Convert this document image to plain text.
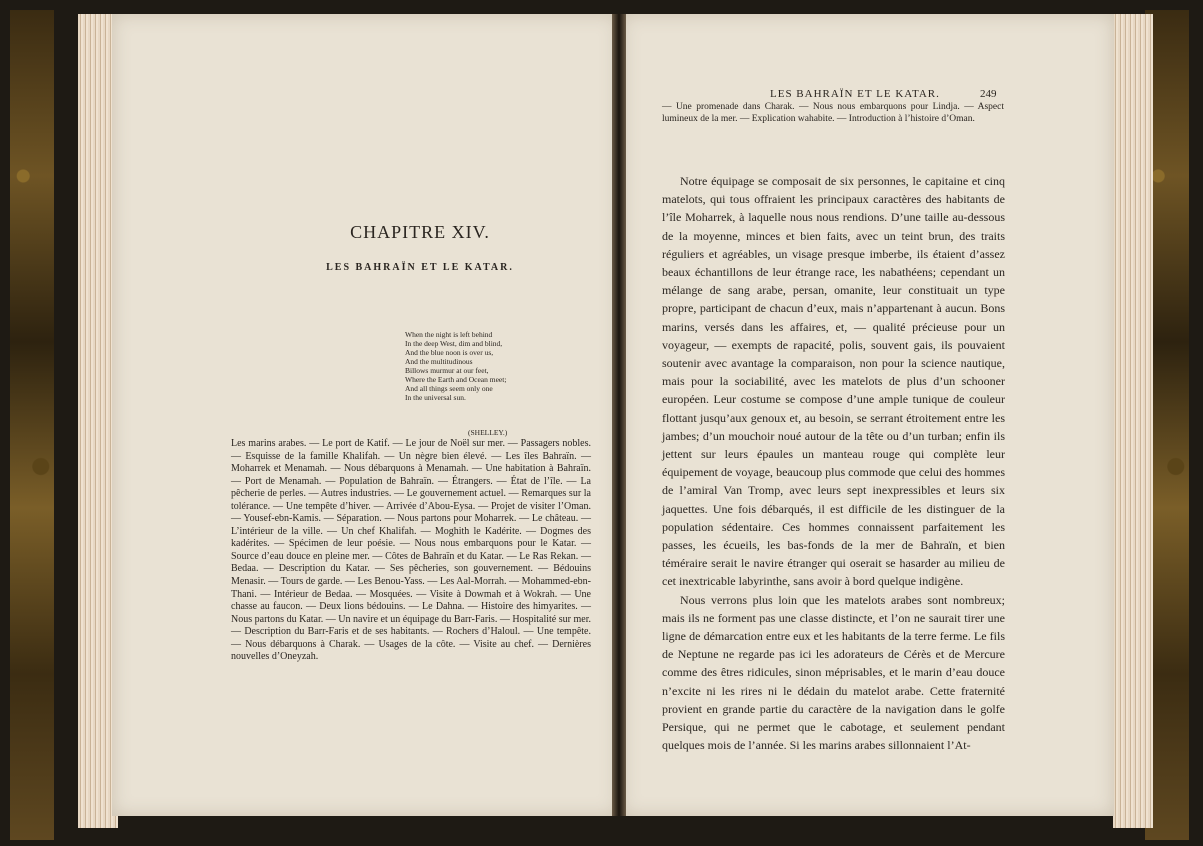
CHAPITRE XIV.
LES BAHRAÏN ET LE KATAR.
When the night is left behind
In the deep West, dim and blind,
And the blue noon is over us,
And the multitudinous
Billows murmur at our feet,
Where the Earth and Ocean meet;
And all things seem only one
In the universal sun.
(SHELLEY.)
Les marins arabes. — Le port de Katif. — Le jour de Noël sur mer. — Passagers nobles. — Esquisse de la famille Khalifah. — Un nègre bien élevé. — Les îles Bahraïn. — Moharrek et Menamah. — Nous débarquons à Menamah. — Une habitation à Bahraïn. — Port de Menamah. — Population de Bahraïn. — Étrangers. — État de l’île. — La pêcherie de perles. — Autres industries. — Le gouvernement actuel. — Remarques sur la tolérance. — Une tempête d’hiver. — Arrivée d’Abou-Eysa. — Projet de visiter l’Oman. — Yousef-ebn-Kamis. — Séparation. — Nous partons pour Moharrek. — Le château. — L’intérieur de la ville. — Un chef Khalifah. — Moghith le Kadérite. — Dogmes des kadérites. — Spécimen de leur poésie. — Nous nous embarquons pour le Katar. — Source d’eau douce en pleine mer. — Côtes de Bahraïn et du Katar. — Le Ras Rekan. — Bedaa. — Description du Katar. — Ses pêcheries, son gouvernement. — Bédouins Menasir. — Tours de garde. — Les Benou-Yass. — Les Aal-Morrah. — Mohammed-ebn-Thani. — Intérieur de Bedaa. — Mosquées. — Visite à Dowmah et à Wokrah. — Une chasse au faucon. — Deux lions bédouins. — Le Dahna. — Histoire des himyarites. — Nous partons du Katar. — Un navire et un équipage du Barr-Faris. — Hospitalité sur mer. — Description du Barr-Faris et de ses habitants. — Rochers d’Haloul. — Une tempête. — Nous débarquons à Charak. — Usages de la côte. — Visite au chef. — Dernières nouvelles d’Oneyzah.
LES BAHRAÏN ET LE KATAR.	249
— Une promenade dans Charak. — Nous nous embarquons pour Lindja. — Aspect lumineux de la mer. — Explication wahabite. — Introduction à l’histoire d’Oman.

Notre équipage se composait de six personnes, le capitaine et cinq matelots, qui tous offraient les principaux caractères des habitants de l’île Moharrek, à laquelle nous nous rendions. D’une taille au-dessous de la moyenne, minces et bien faits, avec un teint brun, des traits réguliers et agréables, un visage presque imberbe, ils étaient d’assez beaux échantillons de leur étrange race, les nabathéens; cependant un mélange de sang arabe, persan, omanite, leur constituait un type propre, participant de chacun d’eux, mais n’appartenant à aucun. Bons marins, versés dans les affaires, et, — qualité précieuse pour un voyageur, — exempts de rapacité, polis, souvent gais, ils pouvaient soutenir avec avantage la comparaison, non pour la science nautique, mais pour la sociabilité, avec les matelots de plus d’un schooner européen. Leur costume se compose d’une ample tunique de couleur flottant jusqu’aux genoux et, au besoin, se serrant étroitement entre les jambes; d’un mouchoir noué autour de la tête ou d’un turban; enfin ils jettent sur leurs épaules un manteau rouge qui complète leur équipement de voyage, beaucoup plus commode que celui des hommes de l’amiral Van Tromp, avec leurs sept inexpressibles et leurs six jaquettes. Une fois débarqués, il est difficile de les distinguer de la population sédentaire. Ces hommes connaissent parfaitement les passes, les écueils, les bas-fonds de la mer de Bahraïn, et bien téméraire serait le navire étranger qui oserait se hasarder au milieu de cet inextricable labyrinthe, sans avoir à bord quelque indigène.

Nous verrons plus loin que les matelots arabes sont nombreux; mais ils ne forment pas une classe distincte, et l’on ne saurait tirer une ligne de démarcation entre eux et les habitants de la terre ferme. Le fils de Neptune ne regarde pas ici les adorateurs de Cérès et de Mercure comme des êtres ridicules, sinon méprisables, et le marin d’eau douce n’excite ni les rires ni le dédain du matelot arabe. Cette fraternité provient en grande partie du caractère de la navigation dans le golfe Persique, qui ne permet que le cabotage, et seulement pendant quelques mois de l’année. Si les marins arabes sillonnaient l’At-
